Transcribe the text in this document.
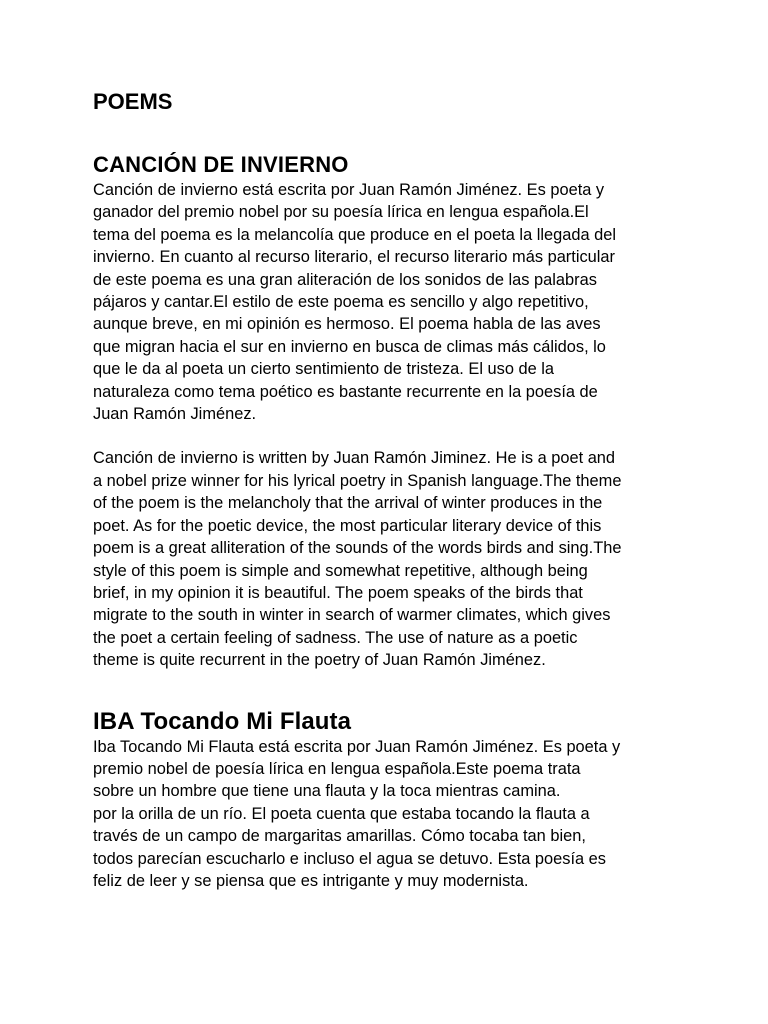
POEMS
CANCIÓN DE INVIERNO

Canción de invierno está escrita por Juan Ramón Jiménez. Es poeta y
ganador del premio nobel por su poesía lírica en lengua española.El
tema del poema es la melancolía que produce en el poeta la llegada del
invierno. En cuanto al recurso literario, el recurso literario más particular
de este poema es una gran aliteración de los sonidos de las palabras
pájaros y cantar.El estilo de este poema es sencillo y algo repetitivo,
aunque breve, en mi opinión es hermoso. El poema habla de las aves
que migran hacia el sur en invierno en busca de climas más cálidos, lo
que le da al poeta un cierto sentimiento de tristeza. El uso de la
naturaleza como tema poético es bastante recurrente en la poesía de
Juan Ramón Jiménez.

Canción de invierno is written by Juan Ramón Jiminez. He is a poet and
a nobel prize winner for his lyrical poetry in Spanish language.The theme
of the poem is the melancholy that the arrival of winter produces in the
poet. As for the poetic device, the most particular literary device of this
poem is a great alliteration of the sounds of the words birds and sing.The
style of this poem is simple and somewhat repetitive, although being
brief, in my opinion it is beautiful. The poem speaks of the birds that
migrate to the south in winter in search of warmer climates, which gives
the poet a certain feeling of sadness. The use of nature as a poetic
theme is quite recurrent in the poetry of Juan Ramón Jiménez.

IBA Tocando Mi Flauta

Iba Tocando Mi Flauta está escrita por Juan Ramón Jiménez. Es poeta y
premio nobel de poesía lírica en lengua española.Este poema trata
sobre un hombre que tiene una flauta y la toca mientras camina.
por la orilla de un río. El poeta cuenta que estaba tocando la flauta a
través de un campo de margaritas amarillas. Cómo tocaba tan bien,
todos parecían escucharlo e incluso el agua se detuvo. Esta poesía es
feliz de leer y se piensa que es intrigante y muy modernista.
